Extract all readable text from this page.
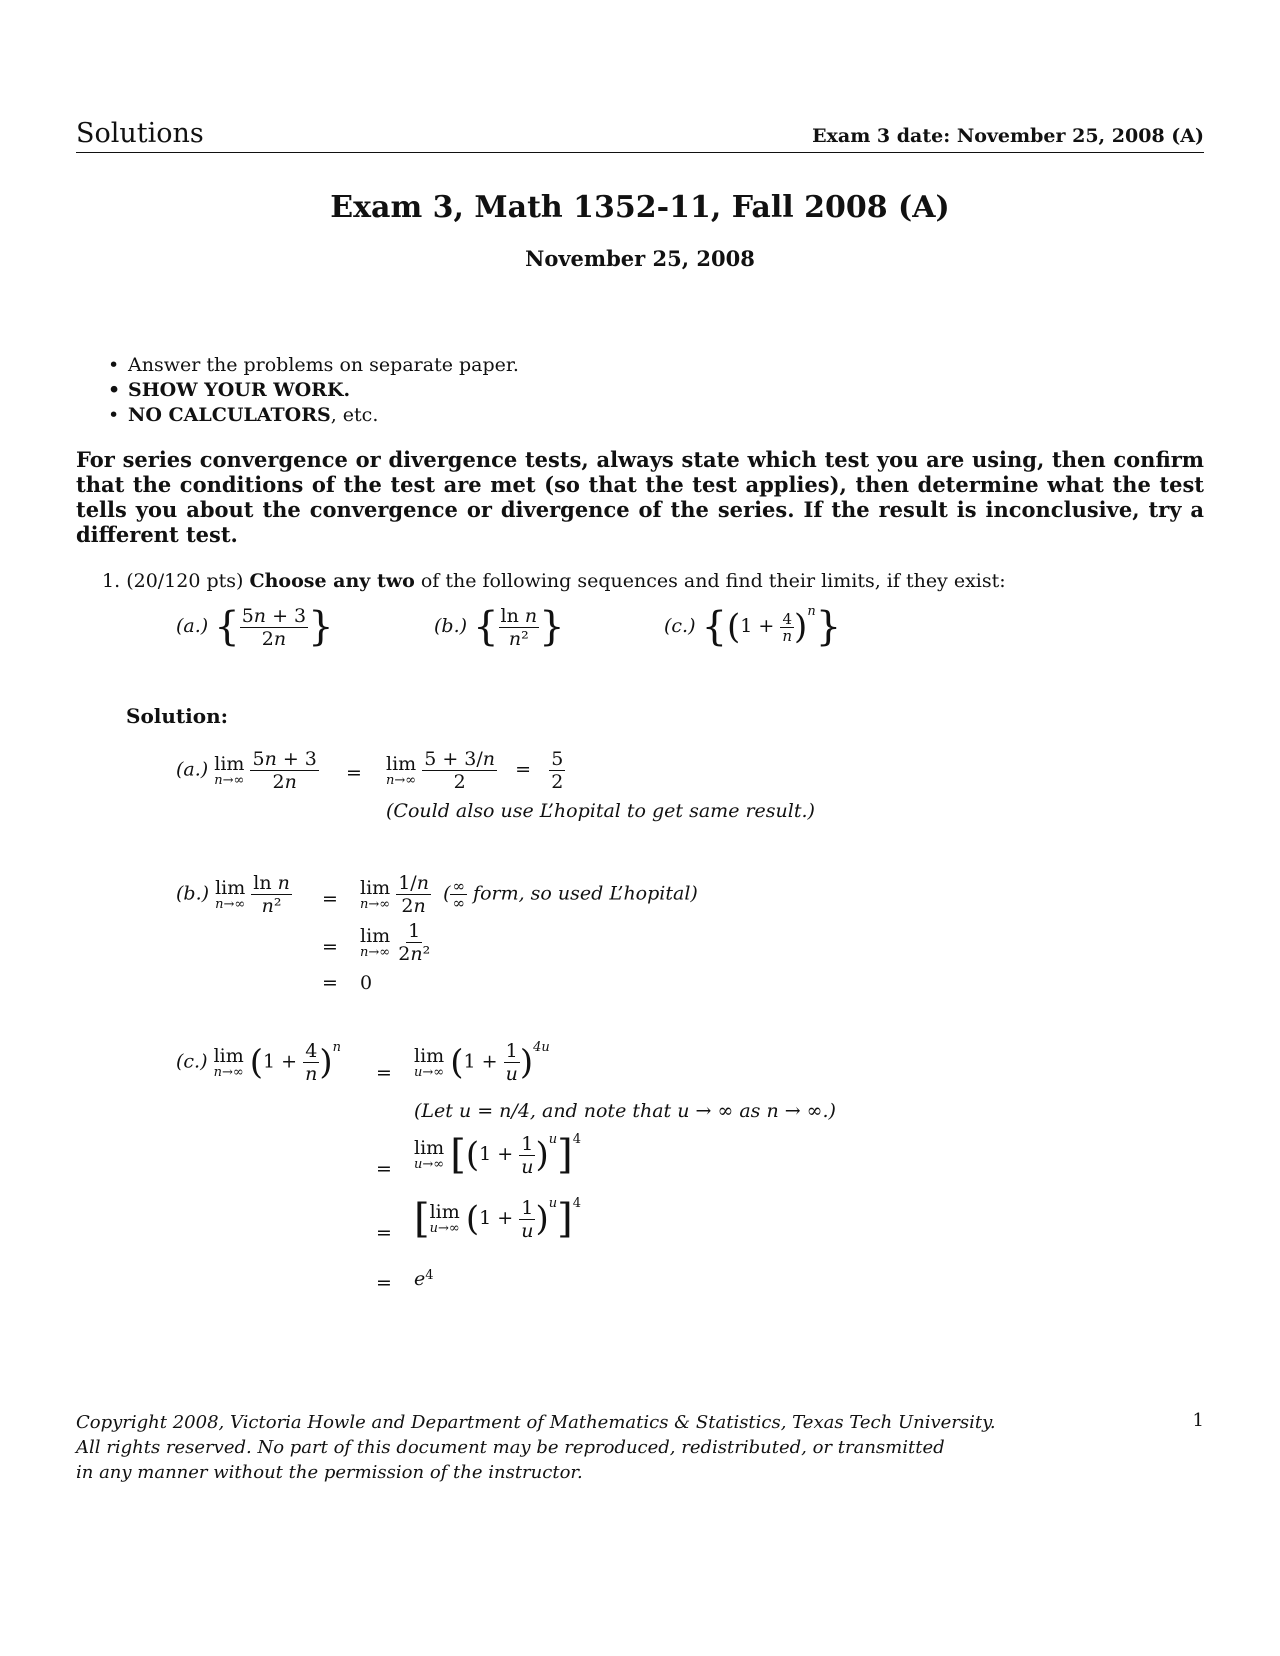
Solutions	Exam 3 date: November 25, 2008 (A)
Exam 3, Math 1352-11, Fall 2008 (A)
November 25, 2008
• Answer the problems on separate paper.
• SHOW YOUR WORK.
• NO CALCULATORS, etc.
For series convergence or divergence tests, always state which test you are using, then confirm that the conditions of the test are met (so that the test applies), then determine what the test tells you about the convergence or divergence of the series. If the result is inconclusive, try a different test.
1. (20/120 pts) Choose any two of the following sequences and find their limits, if they exist:
(a.) { $\frac{5n + 3}{2n}$ }	(b.) { $\frac{\text{ln n}}{\text{n²}}$ }	(c.) $\{(1 + \frac{4}{n} )^n\}$
Solution:
(a.) lim
n→∞
$\frac{5n + 3}{2n} = \lim$
n→∞
$\frac{5 + 3/n}{2} = \frac{5}{2}$
(Could also use L’hopital to get same result.)
(b.) lim
n→∞
$\frac{\text{ln n}}{\text{n²}}$ =
lim
n→∞
$\frac{1/n}{2n}$ ( $\frac{\infty}{\infty}$ form, so used L’hopital)
=
lim
n→∞
$\frac{1}{\text{2n²}}$
= 0
(c.) lim
n→∞ $(1 + \frac{4}{n} )^n$
=
lim
u→∞ $(1 + \frac{1}{u} )^{4u}$
(Let u = n/4, and note that u → ∞ as n → ∞.)
=
lim
u→∞ $[(1 + \frac{1}{u} )^u]^4$
= [ lim
u→∞ $(1 + \frac{1}{u} )^u]^4$
= $e^4$
Copyright 2008, Victoria Howle and Department of Mathematics & Statistics, Texas Tech University.
All rights reserved. No part of this document may be reproduced, redistributed, or transmitted
in any manner without the permission of the instructor.
1
